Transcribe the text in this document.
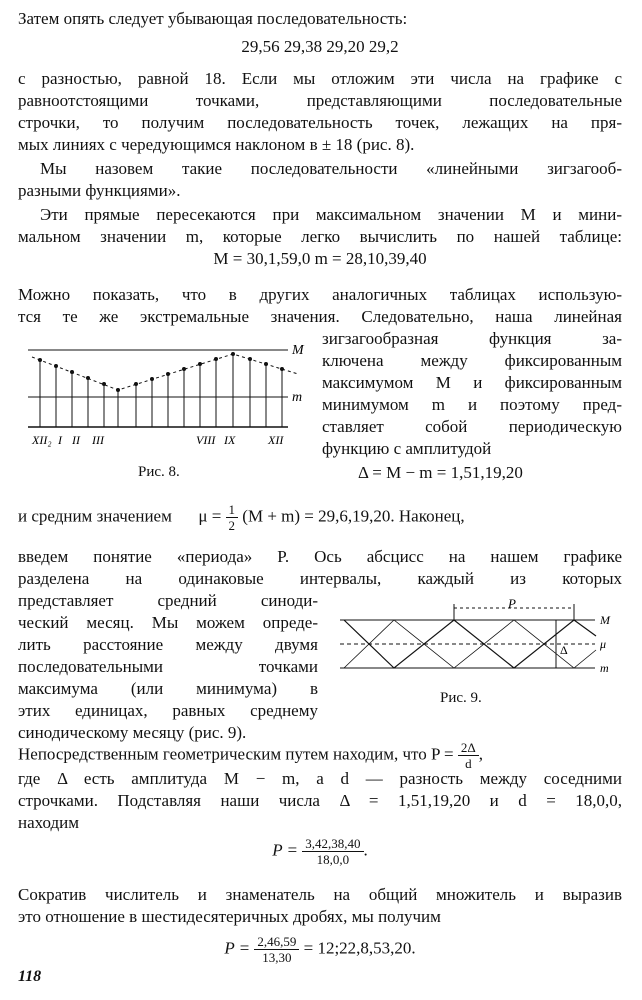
Затем опять следует убывающая последовательность:
29,56 29,38 29,20 29,2
с разностью, равной 18. Если мы отложим эти числа на графике с
равноотстоящими точками, представляющими последовательные
строчки, то получим последовательность точек, лежащих на пря-
мых линиях с чередующимся наклоном в ± 18 (рис. 8).
Мы назовем такие последовательности «линейными зигзагооб-
разными функциями».
Эти прямые пересекаются при максимальном значении M и мини-
мальном значении m, которые легко вычислить по нашей таблице:
M = 30,1,59,0 m = 28,10,39,40
Можно показать, что в других аналогичных таблицах использую-
тся те же экстремальные значения. Следовательно, наша линейная
зигзагообразная функция за-
ключена между фиксированным
максимумом M и фиксированным
минимумом m и поэтому пред-
ставляет собой периодическую
функцию с амплитудой
M
m
XII₂ I II III	VIII IX	XII
Рис. 8.	Δ = M − m = 1,51,19,20
и средним значением $\mu = \frac{1}{2} (M + m) = 29,6,19,20$. Наконец,
введем понятие «периода» P. Ось абсцисс на нашем графике
разделена на одинаковые интервалы, каждый из которых
представляет средний синоди-
ческий месяц. Мы можем опреде-
лить расстояние между двумя
последовательными точками
максимума (или минимума) в
этих единицах, равных среднему
синодическому месяцу (рис. 9).
P
M
μ
m
Δ
Рис. 9.
Непосредственным геометрическим путем находим, что $P = \frac{2\Delta}{d}$ ,
где Δ есть амплитуда M − m, а d — разность между соседними
строчками. Подставляя наши числа Δ = 1,51,19,20 и d = 18,0,0,
находим
$P = \frac{3,42,38,40}{18,0,0}$ .
Сократив числитель и знаменатель на общий множитель и выразив
это отношение в шестидесятеричных дробях, мы получим
$P = \frac{2,46,59}{13,30}$ = 12;22,8,53,20.
118
